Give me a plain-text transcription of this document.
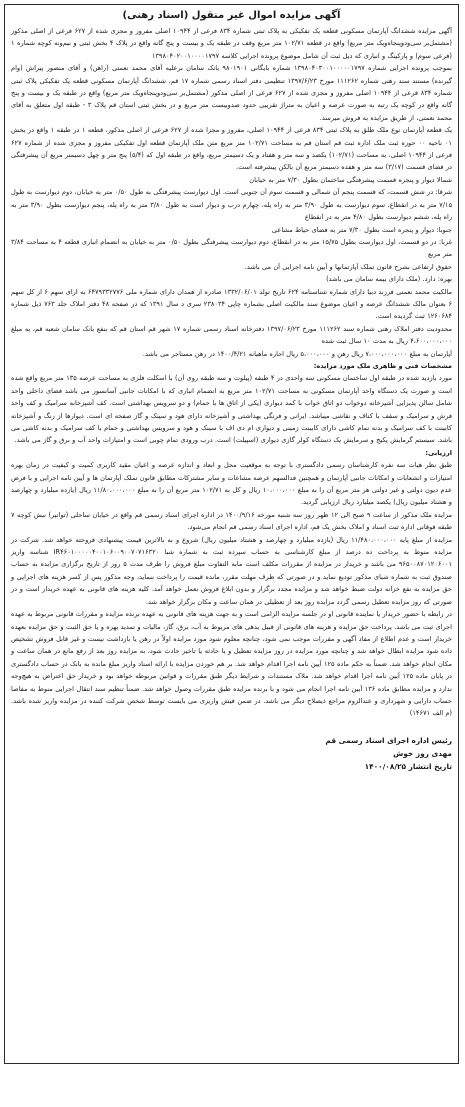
آگهی مزایده اموال غیر منقول (اسناد رهنی)

آگهی مزایده ششدانگ آپارتمان مسکونی قطعه یک تفکیکی به پلاک ثبتی شماره ۸۳۴ فرعی از ۱۰۹۴۴ اصلی مفروز و مجزی شده از ۶۲۷ فرعی از اصلی مذکور (مشتمل‌بر سی‌ودوپنجاه‌ویک متر مربع) واقع در قطعه ۱۰۲/۷۱ متر مربع وقف در طبقه یک و بیست و پنج گانه واقع در پلاک ۴ بخش ثبتی و نیم‌ونه کوچه شماره ۱ (فرعی سوم) و پارکینگ و انباری که ذیل ثبت آن شامل موضوع پرونده اجرایی کلاسه ۱۳۹۸۰۴۰۲۰۰۱۰۰۰۰۱۷۹۷

بموجب پرونده اجرایی شماره ۱۳۹۸۰۴۰۳۰۰۱۰۰۰۰۰۱۷۹۷ شماره بایگانی ۹۸۰۱۹۰۱ بانک سامان برعلیه آقای محمد نعمتی (راهن) و آقای منصور پیراش (وام گیرنده) مستند سند رهنی شماره ۱۱۱۲۶۲ مورخ ۱۳۹۷/۶/۲۳ تنظیمی دفتر اسناد رسمی شماره ۱۷ قم، ششدانگ آپارتمان مسکونی قطعه یک تفکیکی پلاک ثبتی شماره ۸۳۴ فرعی از ۱۰۹۴۴ اصلی مفروز و مجزی شده از ۶۲۷ فرعی از اصلی مذکور (مشتمل‌بر سی‌ودوپنجاه‌ویک متر مربع) واقع در طبقه یک و بیست و پنج گانه واقع در کوچه یک رتبه به صورت عرصه و اعیان به متراژ تقریبی حدود صدوبیست متر مربع و در بخش ثبتی استان قم پلاک ۳ - طبقه اول متعلق به آقای محمد نعمتی، از طریق مزایده به فروش میرسد.

یک قطعه آپارتمان نوع ملک طلق به پلاک ثبتی ۸۳۴ فرعی از ۱۰۹۴۴ اصلی، مفروز و مجزا شده از ۶۲۷ فرعی از اصلی مذکور، قطعه ۱ در طبقه ۱ واقع در بخش ۰۱ ناحیه ۰۰ حوزه ثبت ملک اداره ثبت قم استان قم به مساحت ۱۰۲/۷۱ متر مربع متن ملک آپارتمان قطعه اول تفکیکی مفروز و مجزی شده از شماره ۶۲۷ فرعی از ۱۰۹۴۴ اصلی، به مساحت (۱۰۲/۷۱) یکصد و سه متر و هفتاد و یک دسیمتر مربع، واقع در طبقه اول که (۵/۴) پنج متر و چهل دسیمتر مربع آن پیشرفتگی در فضای قسمت (۳/۱۷) سه متر و هفده دسیمتر مربع آن بالکن پیشرفته است.

شمالا دیوار و پنجره قسمت پیشرفتگی ساختمان بطول ۷/۳۰ متر به خیابان

شرقا: در شش قسمت، که قسمت پنجم آن شمالی و قسمت سوم آن جنوبی است. اول دیوارست پیشرفتگی به طول ۰/۵۰ متر به خیابان، دوم دیوارست به طول ۷/۱۵ متر به در انقطاع، سوم دیوارست به طول ۳/۹۰ متر به راه پله، چهارم درب و دیوار است به طول ۳/۸۰ متر به راه پله، پنجم دیوارست بطول ۳/۹۰ متر به راه پله، ششم دیوارست بطول ۴/۸۰ متر به در انقطاع

جنوبا: دیوار و پنجره است بطول ۷/۳۰ متر به فضای حیاط مشاعی

غربا: در دو قسمت، اول دیوارست بطول ۱۵/۷۵ متر به در انقطاع، دوم دیوارست پیشرفتگی بطول ۰/۵۰ متر به خیابان به انضمام انباری قطعه ۴ به مساحت ۳/۸۴ متر مربع

حقوق ارتفاعی بشرح قانون تملک آپارتمانها و آیین نامه اجرایی آن می باشد.

بهره: دارد. (ملک دارای بیمه سامان می باشد)

مالکیت محمد نعمتی فرزند دبیا دارای شماره شناسنامه ۶۲۴ تاریخ تولد ۱۳۳۲/۰۶/۰۱ صادره از همدان دارای شماره ملی ۶۴۷۹۳۳۲۷۷۶ به ازای سهم ۶ از کل سهم ۶ بعنوان مالک ششدانگ عرصه و اعیان موضوع سند مالکیت اصلی بشماره چاپی ۲۳۸۰۳۴ سری د سال ۱۳۹۱ که در صفحه ۴۸ دفتر املاک جلد ۷۶۳ ذیل شماره ۱۲۶۰۶۸۴ ثبت گردیده است.

محدودیت دفتر املاک رهنی شماره سند ۱۱۱۲۶۲ مورخ ۱۳۹۷/۰۶/۲۳ دفترخانه اسناد رسمی شماره ۱۷ شهر قم استان قم که بنفع بانک سامان شعبه قم، به مبلغ ۴،۶۰۰،۰۰۰،۰۰۰ ریال به مدت ۱۰ سال ثبت شده

آپارتمان به مبلغ ۷،۰۰۰،۰۰۰،۰۰۰ ریال رهن و ۵،۰۰۰،۰۰۰ ریال اجاره ماهیانه ۱۴۰۰/۴/۲۱ در رهن مستاجر می باشد.

مشخصات فنی و ظاهری ملک مورد مزایده:

مورد بازدید شده در طبقه اول ساختمان مسکونی سه واحدی در ۴ طبقه (پیلوت و سه طبقه روی آن) با اسکلت فلزی به مساحت عرصه ۱۳۵ متر مربع واقع شده است و صورت یک دستگاه واحد آپارتمان مسکونی به مساحت ۱۰۲/۷۱ متر مربع به انضمام انباری که با امکانات جانبی آسانسور می باشد فضای داخلی واحد شامل سالن پذیرایی آشپزخانه دوخواب دو اتاق خواب با کمد دیواری (یکی از اتاق ها با حمام) و دو سرویس بهداشتی است. کف آشپزخانه سرامیک و کف واحد فرش و سرامیک و سقف با کناف و نقاشی میباشد. ایرانی و فرنگی بهداشتی و آشپزخانه دارای هود و سینک و گاز صفحه ای است. دیوارها از رنگ و آشپزخانه کابینت با کف سرامیک و بدنه تمام کاشی دارای کابینت زمینی و دیواری ام دی اف با سینک و هود و سرویس بهداشتی و حمام با کف سرامیک و بدنه کاشی می باشد. سیستم گرمایش پکیج و سرمایش یک دستگاه کولر گازی دیواری (اسپیلت) است. درب ورودی تمام چوبی است و امتیازات واحد آب و برق و گاز می باشد.

ارزیابی:

طبق نظر هیات سه نفره کارشناسان رسمی دادگستری با توجه به موقعیت محل و ابعاد و اندازه عرصه و اعیان مقید کاربری کمیت و کیفیت در زمان بهره امتیازات و انشعابات و امکانات جانبی آپارتمان و همچنین فدالسهم عرصه مشاعات و سایر مشترکات مطابق قانون تملک آپارتمان ها و آیین نامه اجرایی و با فرض عدم دیون دولتی و غیر دولتی هر متر مربع آن را به مبلغ ۱۰،۰۰۰،۰۰۰ ریال و کل به ۱۰۲/۷۱ متر مربع آن را به مبلغ ۱۱/۸۰،۰۰۰،۰۰۰ ریال (یازده میلیارد و چهارصد و هشتاد میلیون ریال) یکصد میلیارد ریال ارزیابی گردید.

مزایده ملک مذکور از ساعت ۹ صبح الی ۱۲ ظهر روز سه شنبه مورخه ۱۴۰۰/۹/۱۶ در اداره اجرای اسناد رسمی قم واقع در خیابان ساحلی (توانیر) نبش کوچه ۷ طبقه فوقانی اداره ثبت اسناد و املاک بخش یک قم، اداره اجرای اسناد رسمی قم انجام می‌شود.

مزایده از مبلغ پایه ۱۱/۴۸۰،۰۰۰،۰۰۰ ریال (یازده میلیارد و چهارصد و هشتاد میلیون ریال) شروع و به بالاترین قیمت پیشنهادی فروخته خواهد شد. شرکت در مزایده منوط به پرداخت ده درصد از مبلغ کارشناسی به حساب سپرده ثبت به شماره شبا IR۴۶۰۱۰۰۰۰۰۴۰۰۱۰۶۰۰۹۰۰۷۰۷۱۶۳۲۰ شناسه واریز ۹۶۵۰۰۸۷۰۱۲۰۶۰۰۱ می باشد و خریدار در مزایده از مقررات مکلف است مابه التفاوت مبلغ فروش را ظرف مدت ۵ روز از تاریخ برگزاری مزایده به حساب صندوق ثبت به شماره شبای مذکور تودیع نماید و در صورتی که ظرف مهلت مقرر، مانده قیمت را پرداخت ننماید، وجه مذکور پس از کسر هزینه های اجرایی و حق مزایده به نفع خزانه دولت ضبط خواهد شد و مزایده مجدد برگزار و بدون ابلاغ فروش بعمل خواهد آمد. کلیه هزینه های قانونی به عهده خریدار است و در صورتی که روز مزایده تعطیل رسمی گردد مزایده روز بعد از تعطیلی در همان ساعت و مکان برگزار خواهد شد.

در رابطه با حضور خریدار یا نماینده قانونی او در جلسه مزایده الزامی است و به جهت هزینه های قانونی به عهده برنده مزایده و مقررات قانونی مربوط به عهده اجرای ثبت می باشد. پرداخت حق مزایده و هزینه های قانونی از قبیل بدهی های مربوط به آب، برق، گاز، مالیات و تمدید بهره و یا حق الثبت و حق مزایده بعهده خریدار است و عدم اطلاع از مفاد آگهی و مقررات موجب نمی شود، چنانچه معلوم شود مورد مزایده اولاً در رهن یا بازداشت نیست و غیر قابل فروش تشخیص داده شود مزایده ابطال خواهد شد و چنانچه مورد مزایده در روز مزایده تعطیل و یا حادثه یا تاخیر حادث شود، به مزایده روز بعد از رفع مانع در همان ساعت و مکان انجام خواهد شد. ضمناً به حکم ماده ۱۲۵ آیین نامه اجرا اقدام خواهد شد. بر هم خوردن مزایده با ارائه اسناد واریز مبلغ مانده به بانک در حساب دادگستری در پایان ماده ۱۲۵ آیین نامه اجرا اقدام خواهد شد. ملاک مستندات و شرایط دیگر طبق مقررات و قوانین مربوطه خواهد بود و خریدار حق اعتراض به هیچ‌وجه ندارد و مزایده مطابق ماده ۱۳۶ آیین نامه اجرا انجام می شود و با برنده مزایده طبق مقررات وصول خواهد شد. ضمناً تنظیم سند انتقال اجرایی منوط به مفاصا حساب دارایی و شهرداری و عندالزوم مراجع ذیصلاح دیگر می باشد. در ضمن فیش واریزی می بایست توسط شخص شرکت کننده در مزایده واریز شده باشد. (م الف ۱۴۶۷۱)

رئیس اداره اجرای اسناد رسمی قم
مهدی روز خوش
تاریخ انتشار ۱۴۰۰/۰۸/۲۵
